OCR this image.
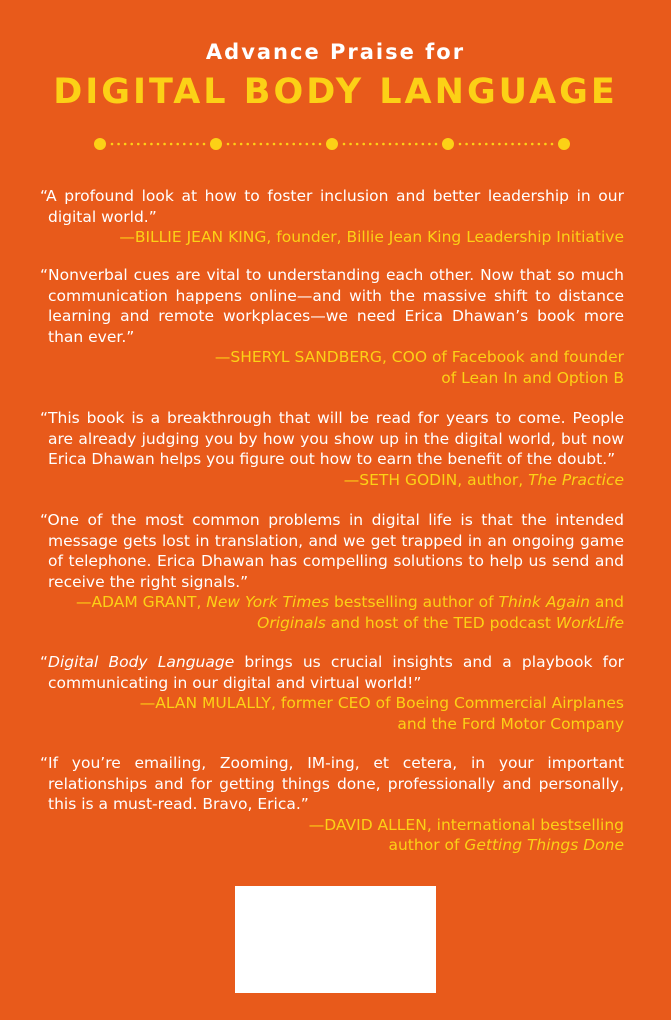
Advance Praise for
DIGITAL BODY LANGUAGE

“A profound look at how to foster inclusion and better leadership in our digital world.”

—BILLIE JEAN KING, founder, Billie Jean King Leadership Initiative

“Nonverbal cues are vital to understanding each other. Now that so much communication happens online—and with the massive shift to distance learning and remote workplaces—we need Erica Dhawan’s book more than ever.”

—SHERYL SANDBERG, COO of Facebook and founder
of Lean In and Option B

“This book is a breakthrough that will be read for years to come. People are already judging you by how you show up in the digital world, but now Erica Dhawan helps you figure out how to earn the benefit of the doubt.”

—SETH GODIN, author, The Practice

“One of the most common problems in digital life is that the intended message gets lost in translation, and we get trapped in an ongoing game of telephone. Erica Dhawan has compelling solutions to help us send and receive the right signals.”

—ADAM GRANT, New York Times bestselling author of Think Again and
Originals and host of the TED podcast WorkLife

“Digital Body Language brings us crucial insights and a playbook for communicating in our digital and virtual world!”

—ALAN MULALLY, former CEO of Boeing Commercial Airplanes
and the Ford Motor Company

“If you’re emailing, Zooming, IM-ing, et cetera, in your important relationships and for getting things done, professionally and personally, this is a must-read. Bravo, Erica.”

—DAVID ALLEN, international bestselling
author of Getting Things Done
